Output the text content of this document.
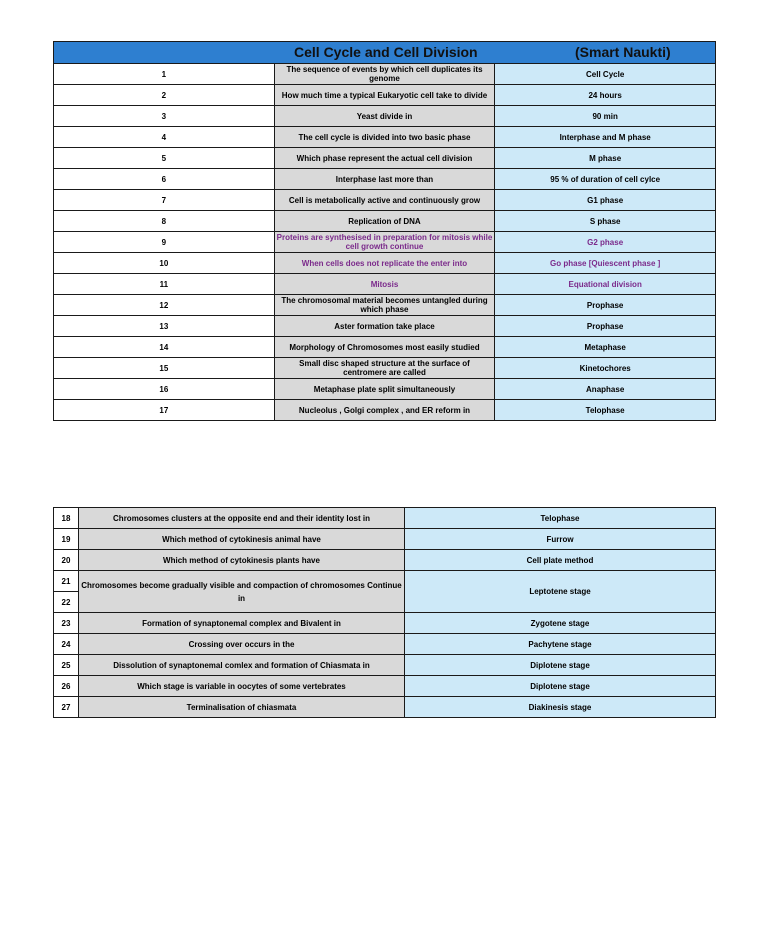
Cell Cycle and Cell Division (Smart Naukti)		

1	The sequence of events by which cell duplicates its genome	Cell Cycle
2	How much time a typical Eukaryotic cell take to divide	24 hours
3	Yeast divide in	90 min
4	The cell cycle is divided into two basic phase	Interphase and M phase
5	Which phase represent the actual cell division	M phase
6	Interphase last more than	95 % of duration of cell cylce
7	Cell is metabolically active and continuously grow	G1 phase
8	Replication of DNA	S phase
9	Proteins are synthesised in preparation for mitosis while cell growth continue	G2 phase
10	When cells does not replicate the enter into	Go phase [Quiescent phase ]
11	Mitosis	Equational division
12	The chromosomal material becomes untangled during which phase	Prophase
13	Aster formation take place	Prophase
14	Morphology of Chromosomes most easily studied	Metaphase
15	Small disc shaped structure at the surface of centromere are called	Kinetochores
16	Metaphase plate split simultaneously	Anaphase
17	Nucleolus , Golgi complex , and ER reform in	Telophase
18	Chromosomes clusters at the opposite end and their identity lost in	Telophase
19	Which method of cytokinesis animal have	Furrow
20	Which method of cytokinesis plants have	Cell plate method
21	Chromosomes become gradually visible and compaction of chromosomes Continue in	Leptotene stage
22		
23	Formation of synaptonemal complex and Bivalent in	Zygotene stage
24	Crossing over occurs in the	Pachytene stage
25	Dissolution of synaptonemal comlex and formation of Chiasmata in	Diplotene stage
26	Which stage is variable in oocytes of some vertebrates	Diplotene stage
27	Terminalisation of chiasmata	Diakinesis stage
